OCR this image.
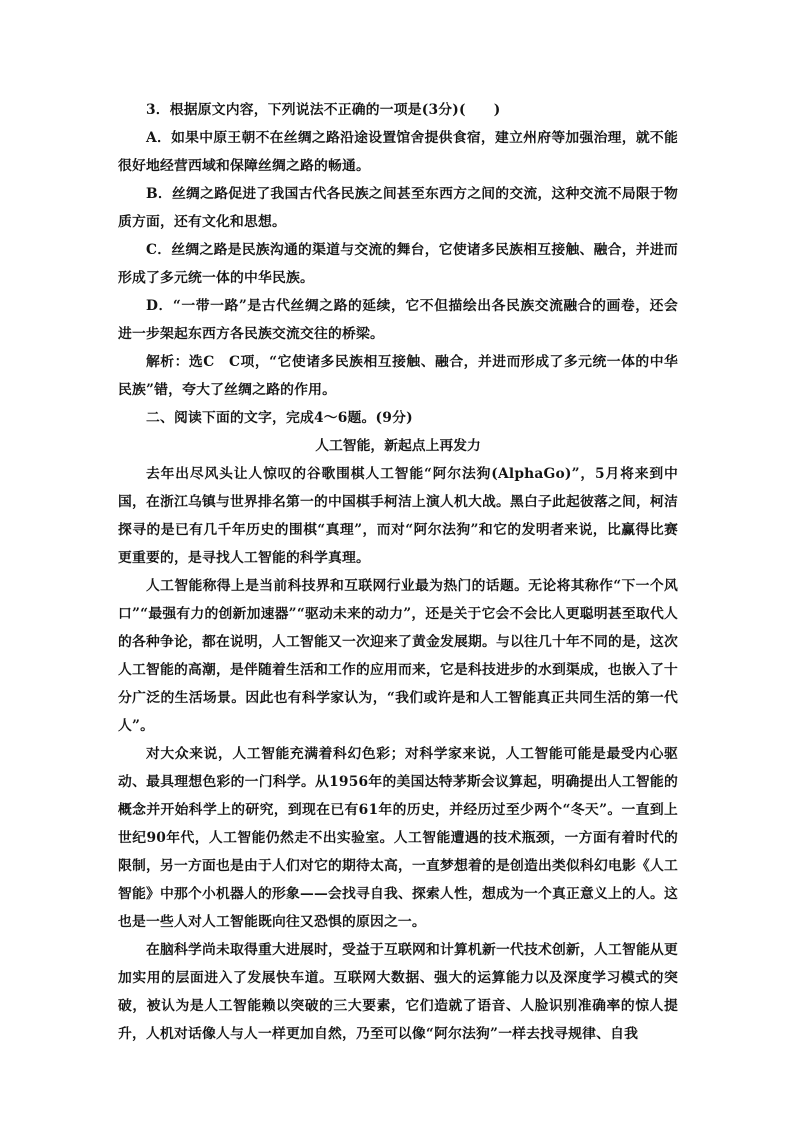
3．根据原文内容，下列说法不正确的一项是(3分)(　　)

A．如果中原王朝不在丝绸之路沿途设置馆舍提供食宿，建立州府等加强治理，就不能很好地经营西域和保障丝绸之路的畅通。

B．丝绸之路促进了我国古代各民族之间甚至东西方之间的交流，这种交流不局限于物质方面，还有文化和思想。

C．丝绸之路是民族沟通的渠道与交流的舞台，它使诸多民族相互接触、融合，并进而形成了多元统一体的中华民族。

D．“一带一路”是古代丝绸之路的延续，它不但描绘出各民族交流融合的画卷，还会进一步架起东西方各民族交流交往的桥梁。

解析：选C　C项，“它使诸多民族相互接触、融合，并进而形成了多元统一体的中华民族”错，夸大了丝绸之路的作用。

二、阅读下面的文字，完成4～6题。(9分)

人工智能，新起点上再发力

去年出尽风头让人惊叹的谷歌围棋人工智能“阿尔法狗(AlphaGo)”，5月将来到中国，在浙江乌镇与世界排名第一的中国棋手柯洁上演人机大战。黑白子此起彼落之间，柯洁探寻的是已有几千年历史的围棋“真理”，而对“阿尔法狗”和它的发明者来说，比赢得比赛更重要的，是寻找人工智能的科学真理。

人工智能称得上是当前科技界和互联网行业最为热门的话题。无论将其称作“下一个风口”“最强有力的创新加速器”“驱动未来的动力”，还是关于它会不会比人更聪明甚至取代人的各种争论，都在说明，人工智能又一次迎来了黄金发展期。与以往几十年不同的是，这次人工智能的高潮，是伴随着生活和工作的应用而来，它是科技进步的水到渠成，也嵌入了十分广泛的生活场景。因此也有科学家认为，“我们或许是和人工智能真正共同生活的第一代人”。

对大众来说，人工智能充满着科幻色彩；对科学家来说，人工智能可能是最受内心驱动、最具理想色彩的一门科学。从1956年的美国达特茅斯会议算起，明确提出人工智能的概念并开始科学上的研究，到现在已有61年的历史，并经历过至少两个“冬天”。一直到上世纪90年代，人工智能仍然走不出实验室。人工智能遭遇的技术瓶颈，一方面有着时代的限制，另一方面也是由于人们对它的期待太高，一直梦想着的是创造出类似科幻电影《人工智能》中那个小机器人的形象——会找寻自我、探索人性，想成为一个真正意义上的人。这也是一些人对人工智能既向往又恐惧的原因之一。

在脑科学尚未取得重大进展时，受益于互联网和计算机新一代技术创新，人工智能从更加实用的层面进入了发展快车道。互联网大数据、强大的运算能力以及深度学习模式的突破，被认为是人工智能赖以突破的三大要素，它们造就了语音、人脸识别准确率的惊人提升，人机对话像人与人一样更加自然，乃至可以像“阿尔法狗”一样去找寻规律、自我
